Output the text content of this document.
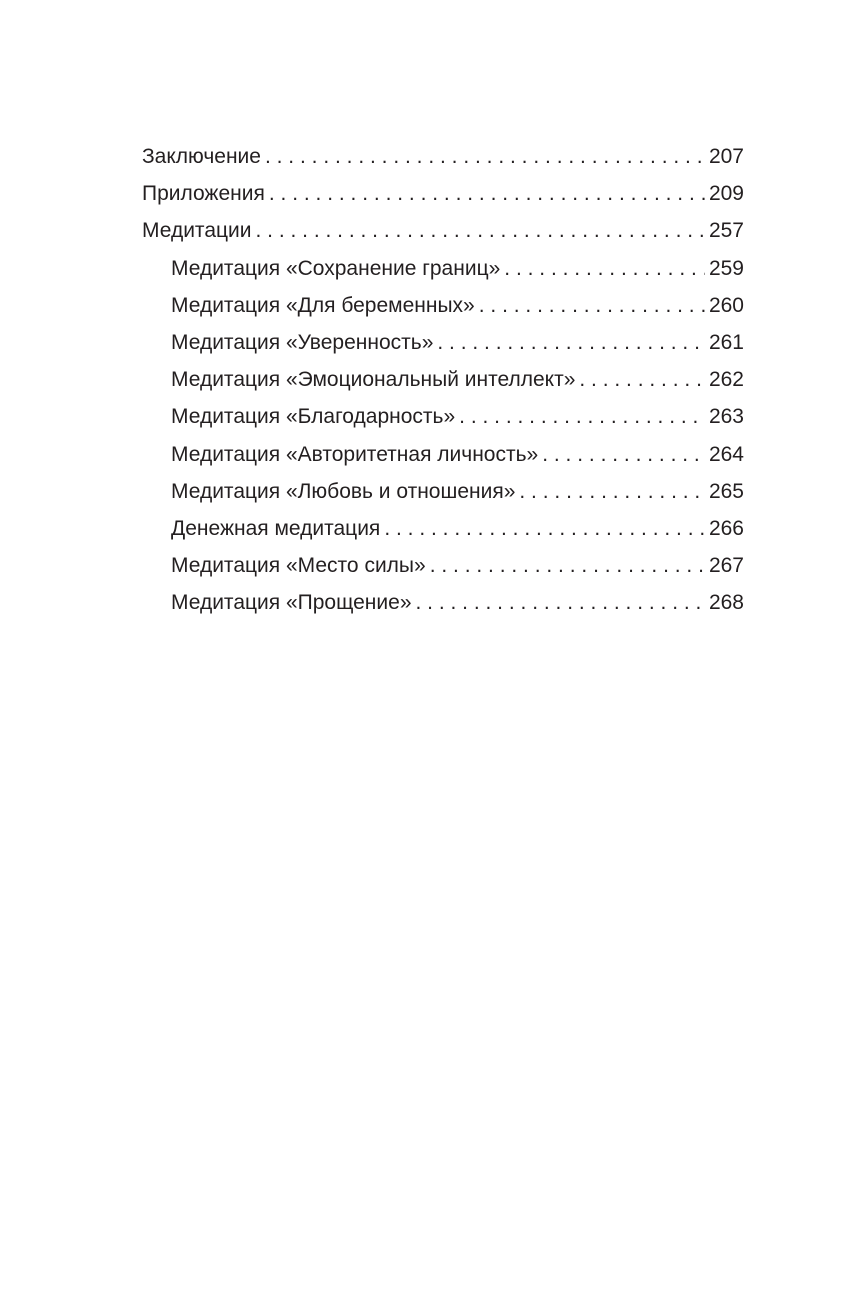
Заключение . . .	207
Приложения . . .	209
Медитации . . .	257
Медитация «Сохранение границ» . . .	259
Медитация «Для беременных» . . .	260
Медитация «Уверенность» . . .	261
Медитация «Эмоциональный интеллект» . . .	262
Медитация «Благодарность» . . .	263
Медитация «Авторитетная личность» . . .	264
Медитация «Любовь и отношения» . . .	265
Денежная медитация . . .	266
Медитация «Место силы» . . .	267
Медитация «Прощение» . . .	268
